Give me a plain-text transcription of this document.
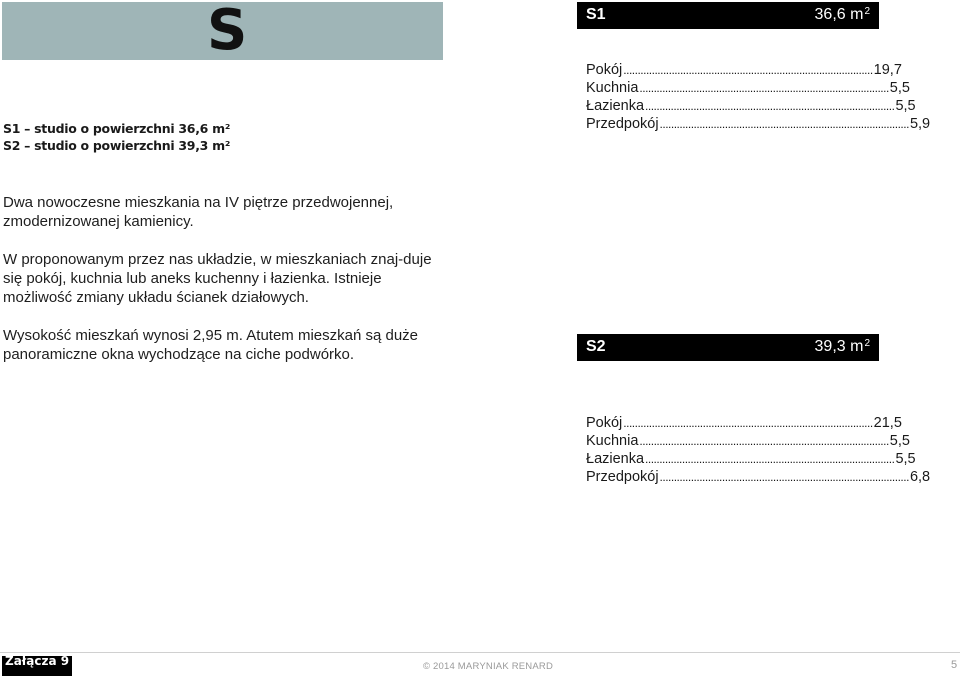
S
S1 – studio o powierzchni 36,6 m²
S2 – studio o powierzchni 39,3 m²

Dwa nowoczesne mieszkania na IV piętrze przedwojennej, zmodernizowanej kamienicy.

W proponowanym przez nas układzie, w mieszkaniach znaj-duje się pokój, kuchnia lub aneks kuchenny i łazienka. Istnieje możliwość zmiany układu ścianek działowych.

Wysokość mieszkań wynosi 2,95 m. Atutem mieszkań są duże panoramiczne okna wychodzące na ciche podwórko.

S1	36,6 $m^2$
Pokój ........................................................................................ 19,7
Kuchnia ........................................................................................ 5,5
Łazienka ........................................................................................ 5,5
Przedpokój ........................................................................................ 5,9
S2	39,3 $m^2$
Pokój ........................................................................................ 21,5
Kuchnia ........................................................................................ 5,5
Łazienka ........................................................................................ 5,5
Przedpokój ........................................................................................ 6,8
Załącza 9	© 2014 MARYNIAK RENARD	5
